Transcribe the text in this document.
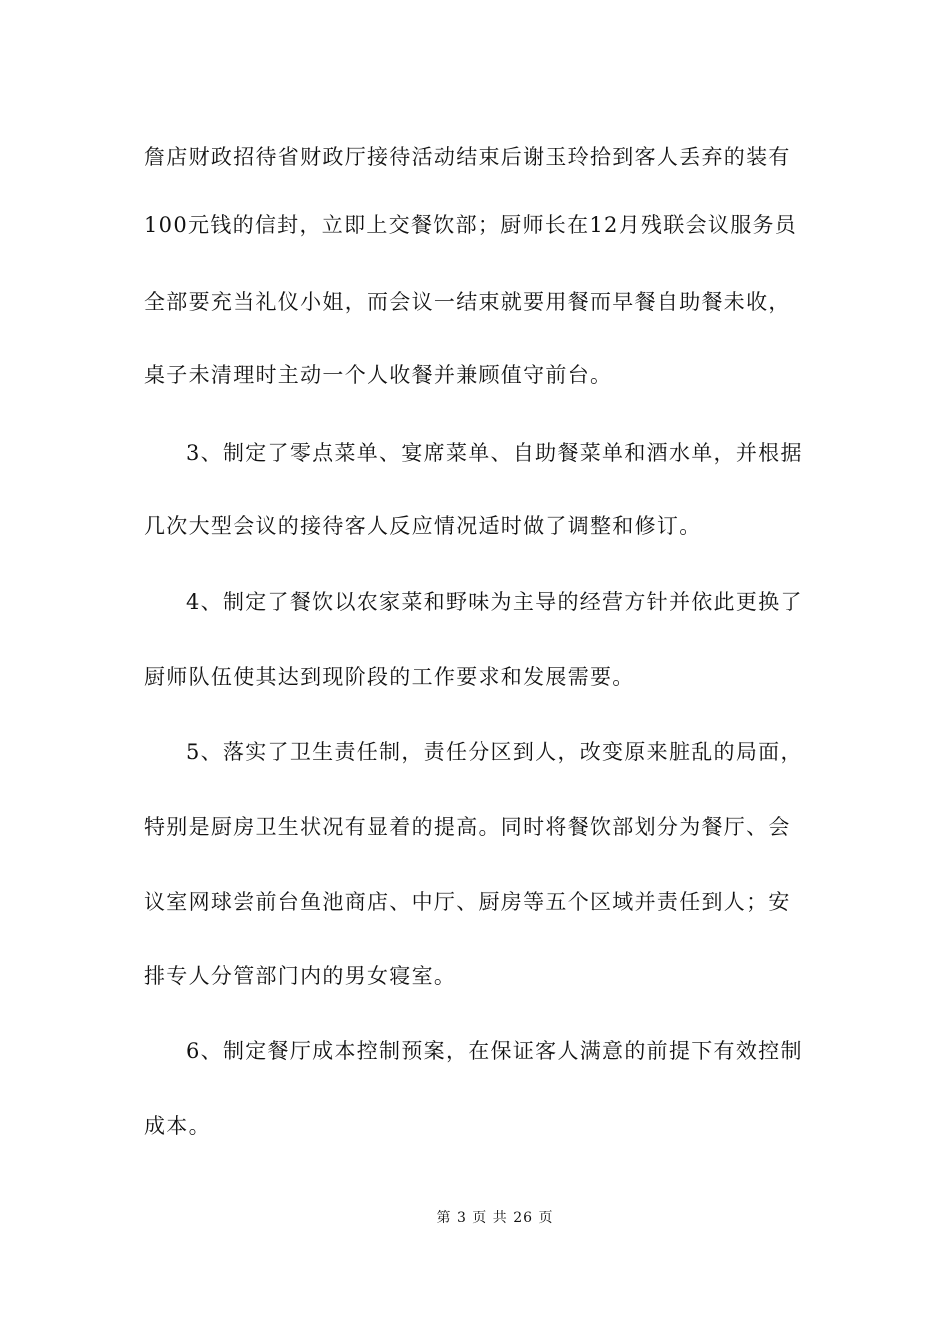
詹店财政招待省财政厅接待活动结束后谢玉玲拾到客人丢弃的装有
100元钱的信封，立即上交餐饮部；厨师长在12月残联会议服务员
全部要充当礼仪小姐，而会议一结束就要用餐而早餐自助餐未收，
桌子未清理时主动一个人收餐并兼顾值守前台。
3、制定了零点菜单、宴席菜单、自助餐菜单和酒水单，并根据
几次大型会议的接待客人反应情况适时做了调整和修订。
4、制定了餐饮以农家菜和野味为主导的经营方针并依此更换了
厨师队伍使其达到现阶段的工作要求和发展需要。
5、落实了卫生责任制，责任分区到人，改变原来脏乱的局面，
特别是厨房卫生状况有显着的提高。同时将餐饮部划分为餐厅、会
议室网球尝前台鱼池商店、中厅、厨房等五个区域并责任到人；安
排专人分管部门内的男女寝室。
6、制定餐厅成本控制预案，在保证客人满意的前提下有效控制
成本。
第 3 页 共 26 页
